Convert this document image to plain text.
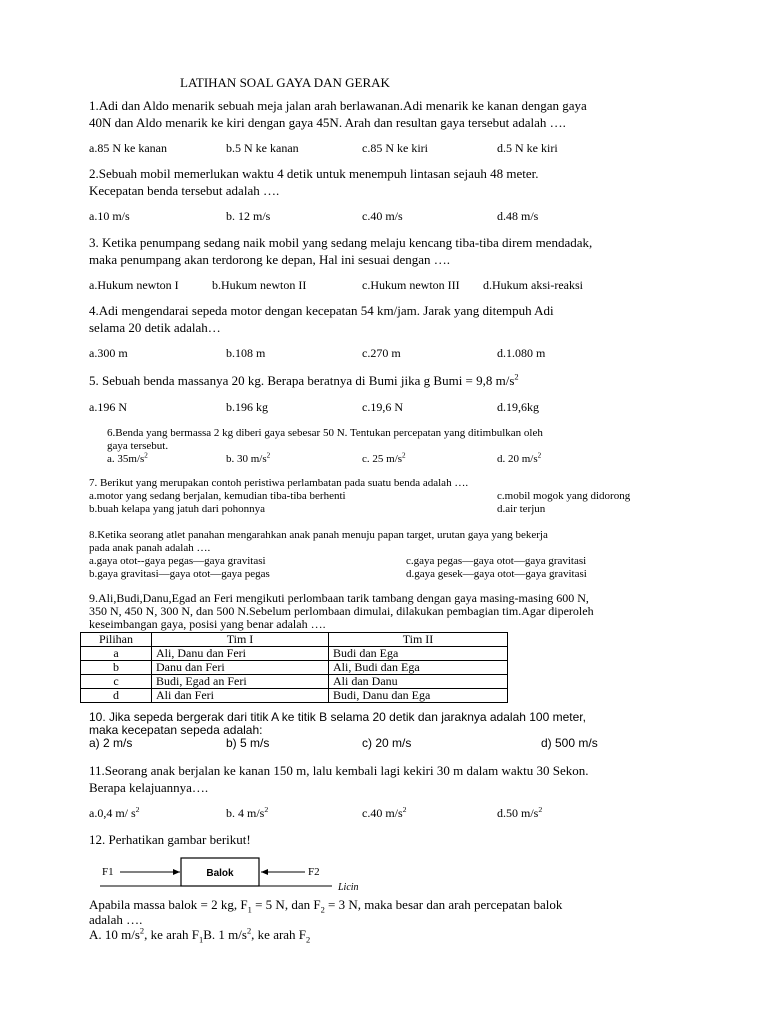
LATIHAN SOAL GAYA DAN GERAK
1.Adi dan Aldo menarik sebuah meja jalan arah berlawanan.Adi menarik ke kanan dengan gaya
40N dan Aldo menarik ke kiri dengan gaya 45N. Arah dan resultan gaya tersebut adalah ….
a.85 N ke kanan	b.5 N ke kanan	c.85 N ke kiri	d.5 N ke kiri
2.Sebuah mobil memerlukan waktu 4 detik untuk menempuh lintasan sejauh 48 meter.
Kecepatan benda tersebut adalah ….
a.10 m/s	b. 12 m/s	c.40 m/s	d.48 m/s
3. Ketika penumpang sedang naik mobil yang sedang melaju kencang tiba-tiba direm mendadak,
maka penumpang akan terdorong ke depan, Hal ini sesuai dengan ….
a.Hukum newton I	b.Hukum newton II	c.Hukum newton III d.Hukum aksi-reaksi
4.Adi mengendarai sepeda motor dengan kecepatan 54 km/jam. Jarak yang ditempuh Adi
selama 20 detik adalah…
a.300 m	b.108 m	c.270 m	d.1.080 m
5. Sebuah benda massanya 20 kg. Berapa beratnya di Bumi jika g Bumi = 9,8 $m/s^2$
a.196 N	b.196 kg	c.19,6 N	d.19,6kg
6.Benda yang bermassa 2 kg diberi gaya sebesar 50 N. Tentukan percepatan yang ditimbulkan oleh
gaya tersebut.
a. $35m/s^2$	b. 30 $m/s^2$	c. 25 $m/s^2$	d. 20 $m/s^2$
7. Berikut yang merupakan contoh peristiwa perlambatan pada suatu benda adalah ….
a.motor yang sedang berjalan, kemudian tiba-tiba berhenti	c.mobil mogok yang didorong
b.buah kelapa yang jatuh dari pohonnya	d.air terjun
8.Ketika seorang atlet panahan mengarahkan anak panah menuju papan target, urutan gaya yang bekerja
pada anak panah adalah ….
a.gaya otot--gaya pegas—gaya gravitasi	c.gaya pegas—gaya otot—gaya gravitasi
b.gaya gravitasi—gaya otot—gaya pegas	d.gaya gesek—gaya otot—gaya gravitasi
9.Ali,Budi,Danu,Egad an Feri mengikuti perlombaan tarik tambang dengan gaya masing-masing 600 N,
350 N, 450 N, 300 N, dan 500 N.Sebelum perlombaan dimulai, dilakukan pembagian tim.Agar diperoleh
keseimbangan gaya, posisi yang benar adalah ….
Pilihan	Tim I	Tim II
a	Ali, Danu dan Feri	Budi dan Ega
b	Danu dan Feri	Ali, Budi dan Ega
c	Budi, Egad an Feri	Ali dan Danu
d	Ali dan Feri	Budi, Danu dan Ega
10. Jika sepeda bergerak dari titik A ke titik B selama 20 detik dan jaraknya adalah 100 meter,
maka kecepatan sepeda adalah:
a) 2 m/s	b) 5 m/s	c) 20 m/s	d) 500 m/s
11.Seorang anak berjalan ke kanan 150 m, lalu kembali lagi kekiri 30 m dalam waktu 30 Sekon.
Berapa kelajuannya….
a.0,4 m/ $s^2$	b. 4 $m/s^2$	c.40 $m/s^2$	d.50 $m/s^2$
12. Perhatikan gambar berikut!
F1	Balok	F2
Licin
Apabila massa balok = 2 kg, $F_1 = 5$ N, dan $F_2 = 3$ N, maka besar dan arah percepatan balok
adalah ….
A. 10 $m/s^2$, ke arah $F_1B$. 1 $m/s^2$, ke arah $F_2$
